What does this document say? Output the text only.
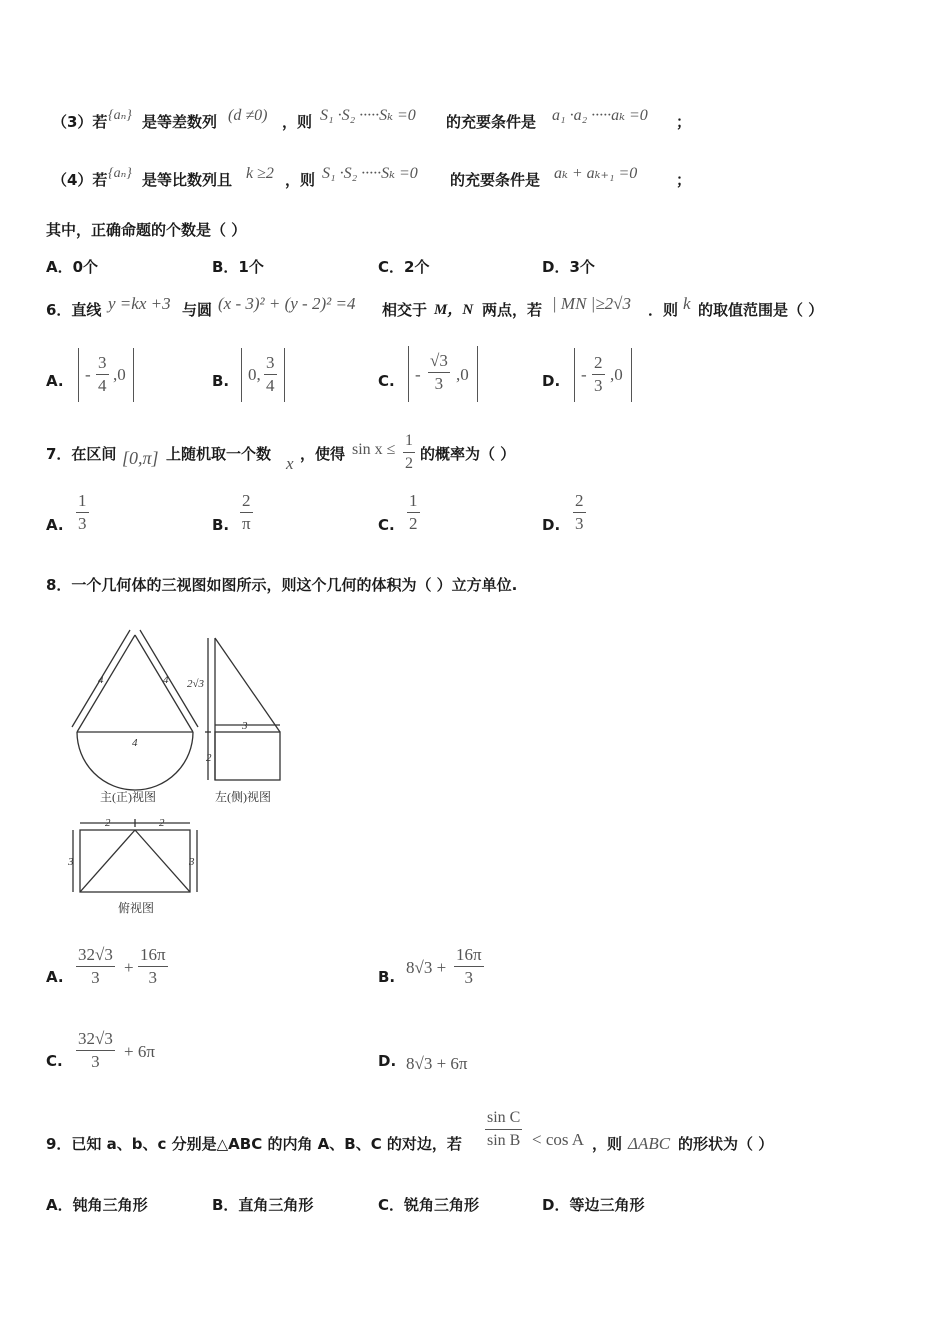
（3）若 {aₙ} 是等差数列 (d ≠0) ，则 S₁ ·S₂ ·····Sₖ =0 的充要条件是 a₁ ·a₂ ·····aₖ =0 ；
（4）若 {aₙ} 是等比数列且 k ≥2 ，则 S₁ ·S₂ ·····Sₖ =0 的充要条件是 aₖ + aₖ₊₁ =0	；
其中，正确命题的个数是（ ）
A．0个	B．1个	C．2个	D．3个
6．直线 y =kx +3 与圆 (x - 3)² + (y - 2)² =4 相交于 M，N 两点，若 | MN |≥2√3 ．则 k 的取值范围是（ ）
A. - $\frac{3}{4} ,0$	B. 0, $\frac{3}{4}$	C. - $\frac{√3}{3} ,0$	D. - $\frac{2}{3} ,0$
7．在区间 [0,π] 上随机取一个数 x ，使得 sin x ≤ 的概率为（ ）
$\frac{1}{2}$
A. $\frac{1}{3}$	B. $\frac{2}{\pi}$	C. $\frac{1}{2}$	D. $\frac{2}{3}$
8．一个几何体的三视图如图所示，则这个几何的体积为（ ）立方单位.
4	4
4
2√3
3
2
2	2
3	3
主(正)视图	左(侧)视图
俯视图
A. $\frac{32√3}{3} + \frac{16\pi}{3}$	B. $8√3 + \frac{16\pi}{3}$
C. $\frac{32√3}{3} + 6\pi$	D. 8√3 + 6π
9．已知 a、b、c 分别是△ABC 的内角 A、B、C 的对边，若	< cos A ，则 ΔABC 的形状为（ ）
$\frac{\text{sin C}}{\text{sin B}}$
A．钝角三角形	B．直角三角形	C．锐角三角形	D．等边三角形
